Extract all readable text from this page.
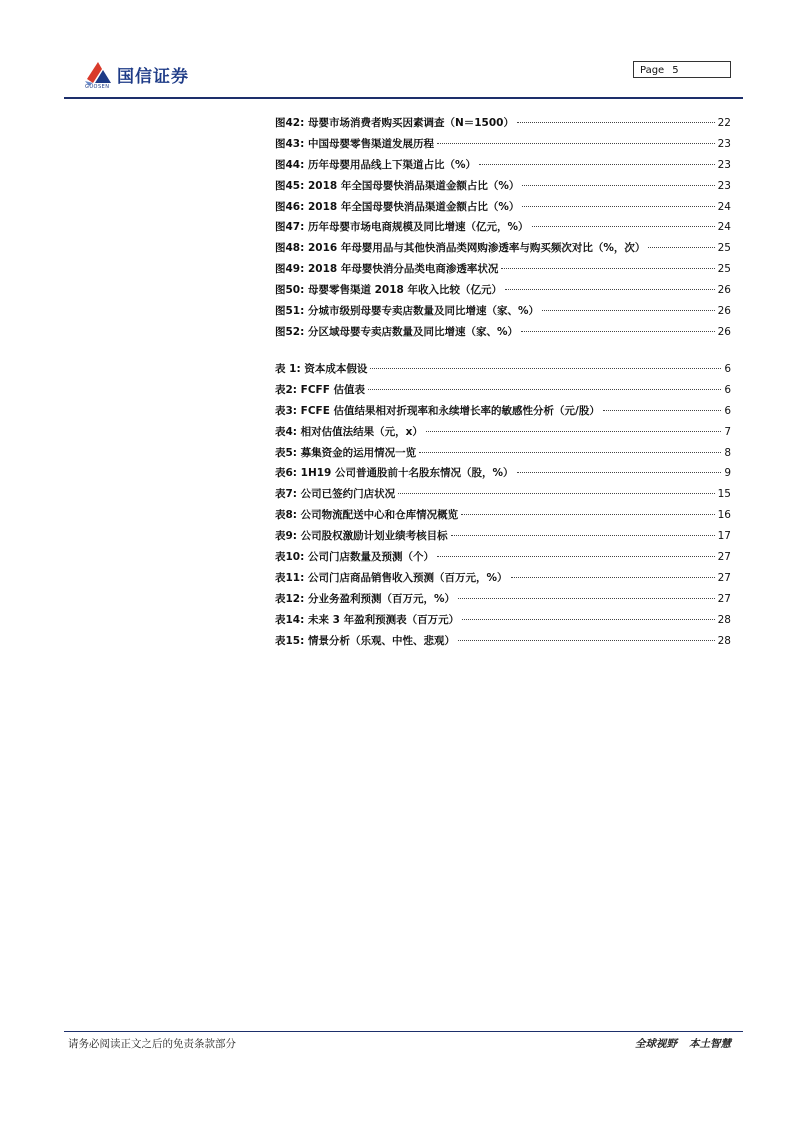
国信证券
GUOSEN
Page 5
图42: 母婴市场消费者购买因素调查（N＝1500）	22
图43: 中国母婴零售渠道发展历程	23
图44: 历年母婴用品线上下渠道占比（%）	23
图45: 2018 年全国母婴快消品渠道金额占比（%）	23
图46: 2018 年全国母婴快消品渠道金额占比（%）	24
图47: 历年母婴市场电商规模及同比增速（亿元，%）	24
图48: 2016 年母婴用品与其他快消品类网购渗透率与购买频次对比（%，次）	25
图49: 2018 年母婴快消分品类电商渗透率状况	25
图50: 母婴零售渠道 2018 年收入比较（亿元）	26
图51: 分城市级别母婴专卖店数量及同比增速（家、%）	26
图52: 分区域母婴专卖店数量及同比增速（家、%）	26
表 1: 资本成本假设	6
表2: FCFF 估值表	6
表3: FCFE 估值结果相对折现率和永续增长率的敏感性分析（元/股）	6
表4: 相对估值法结果（元，x）	7
表5: 募集资金的运用情况一览	8
表6: 1H19 公司普通股前十名股东情况（股，%）	9
表7: 公司已签约门店状况	15
表8: 公司物流配送中心和仓库情况概览	16
表9: 公司股权激励计划业绩考核目标	17
表10: 公司门店数量及预测（个）	27
表11: 公司门店商品销售收入预测（百万元，%）	27
表12: 分业务盈利预测（百万元，%）	27
表14: 未来 3 年盈利预测表（百万元）	28
表15: 情景分析（乐观、中性、悲观）	28
请务必阅读正文之后的免责条款部分	全球视野 本土智慧
